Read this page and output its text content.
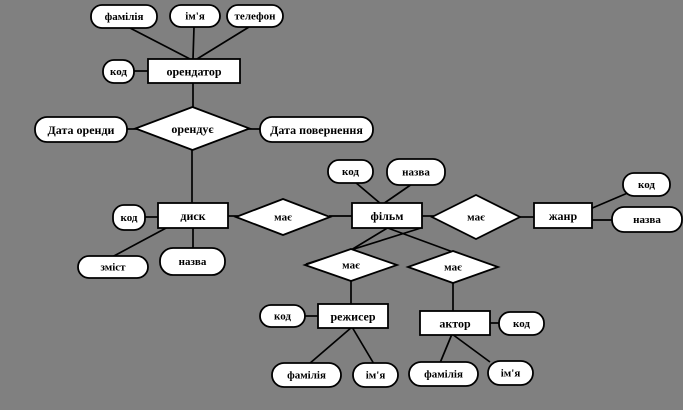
фамілія	ім'я	телефон
код	орендатор
Дата оренди	орендує	Дата повернення
код	диск	має
зміст	назва
код	назва
фільм	має	жанр
код
назва
має	має
код	режисер	актор	код
фамілія	ім'я	фамілія	ім'я
